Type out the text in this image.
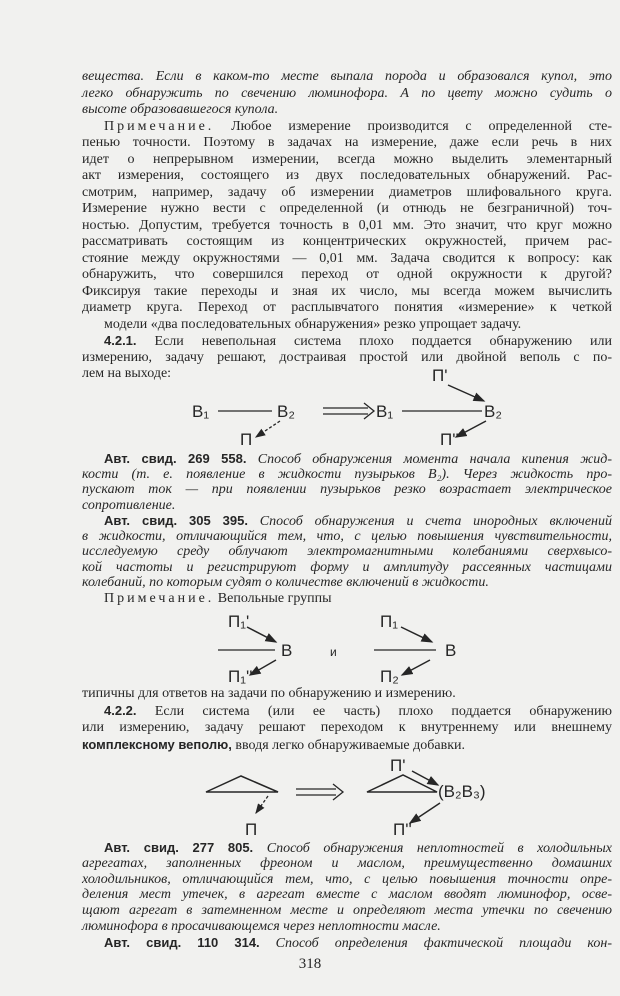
вещества. Если в каком-то месте выпала порода и образовался купол, это
легко обнаружить по свечению люминофора. А по цвету можно судить о
высоте образовавшегося купола.
Примечание. Любое измерение производится с определенной сте-
пенью точности. Поэтому в задачах на измерение, даже если речь в них
идет о непрерывном измерении, всегда можно выделить элементарный
акт измерения, состоящего из двух последовательных обнаружений. Рас-
смотрим, например, задачу об измерении диаметров шлифовального круга.
Измерение нужно вести с определенной (и отнюдь не безграничной) точ-
ностью. Допустим, требуется точность в 0,01 мм. Это значит, что круг можно
рассматривать состоящим из концентрических окружностей, причем рас-
стояние между окружностями — 0,01 мм. Задача сводится к вопросу: как
обнаружить, что совершился переход от одной окружности к другой?
Фиксируя такие переходы и зная их число, мы всегда можем вычислить
диаметр круга. Переход от расплывчатого понятия «измерение» к четкой
модели «два последовательных обнаружения» резко упрощает задачу.
4.2.1. Если невепольная система плохо поддается обнаружению или
измерению, задачу решают, достраивая простой или двойной веполь с по-
лем на выходе:
Авт. свид. 269 558. Способ обнаружения момента начала кипения жид-
кости (т. е. появление в жидкости пузырьков В₂). Через жидкость про-
пускают ток — при появлении пузырьков резко возрастает электрическое
сопротивление.
Авт. свид. 305 395. Способ обнаружения и счета инородных включений
в жидкости, отличающийся тем, что, с целью повышения чувствительности,
исследуемую среду облучают электромагнитными колебаниями сверхвысо-
кой частоты и регистрируют форму и амплитуду рассеянных частицами
колебаний, по которым судят о количестве включений в жидкости.
Примечание. Вепольные группы
типичны для ответов на задачи по обнаружению и измерению.
4.2.2. Если система (или ее часть) плохо поддается обнаружению
или измерению, задачу решают переходом к внутреннему или внешнему
комплексному веполю, вводя легко обнаруживаемые добавки.
Авт. свид. 277 805. Способ обнаружения неплотностей в холодильных
агрегатах, заполненных фреоном и маслом, преимущественно домашних
холодильников, отличающийся тем, что, с целью повышения точности опре-
деления мест утечек, в агрегат вместе с маслом вводят люминофор, осве-
щают агрегат в затемненном месте и определяют места утечки по свечению
люминофора в просачивающемся через неплотности масле.
Авт. свид. 110 314. Способ определения фактической площади кон-
В₁	В₂
П
В₁	В₂
П'
П''
П₁'
В
П₁''
и
П₁
В
П₂
П
П'
(В₂В₃)
П''
318
